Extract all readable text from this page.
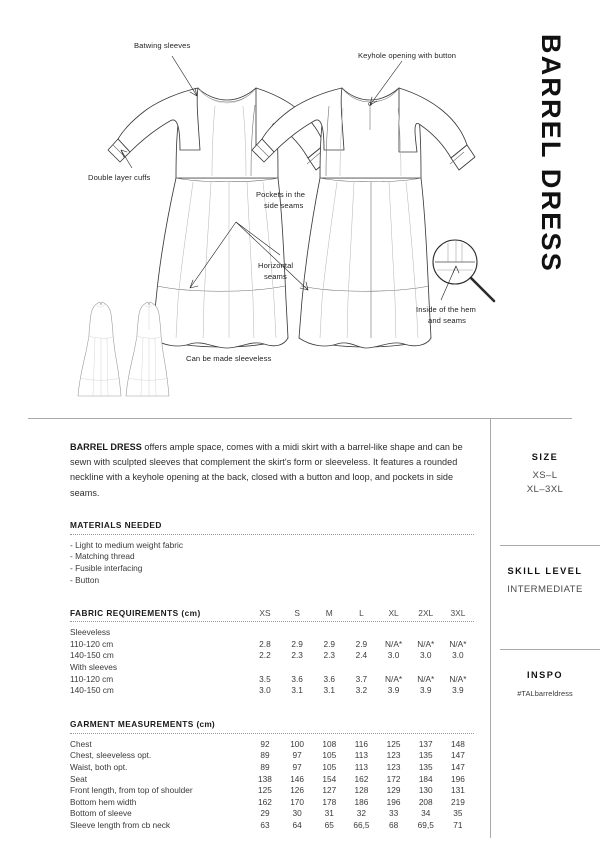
Batwing sleeves
Keyhole opening with button
Double layer cuffs
Pockets in the
side seams
Horizontal
seams
Inside of the hem
and seams
Can be made sleeveless
BARREL DRESS

BARREL DRESS offers ample space, comes with a midi skirt with a barrel-like shape and can be sewn with sculpted sleeves that complement the skirt's form or sleeveless. It features a rounded neckline with a keyhole opening at the back, closed with a button and loop, and pockets in side seams.

MATERIALS NEEDED
- Light to medium weight fabric
- Matching thread
- Fusible interfacing
- Button
FABRIC REQUIREMENTS (cm)	XS	S	M	L	XL	2XL	3XL

Sleeveless							
110-120 cm	2.8	2.9	2.9	2.9	N/A*	N/A*	N/A*
140-150 cm	2.2	2.3	2.3	2.4	3.0	3.0	3.0
With sleeves							
110-120 cm	3.5	3.6	3.6	3.7	N/A*	N/A*	N/A*
140-150 cm	3.0	3.1	3.1	3.2	3.9	3.9	3.9
GARMENT MEASUREMENTS (cm)
Chest	92	100	108	116	125	137	148
Chest, sleeveless opt.	89	97	105	113	123	135	147
Waist, both opt.	89	97	105	113	123	135	147
Seat	138	146	154	162	172	184	196
Front length, from top of shoulder	125	126	127	128	129	130	131
Bottom hem width	162	170	178	186	196	208	219
Bottom of sleeve	29	30	31	32	33	34	35
Sleeve length from cb neck	63	64	65	66,5	68	69,5	71
SIZE
XS–L
XL–3XL
SKILL LEVEL
INTERMEDIATE
INSPO
#TALbarreldress
